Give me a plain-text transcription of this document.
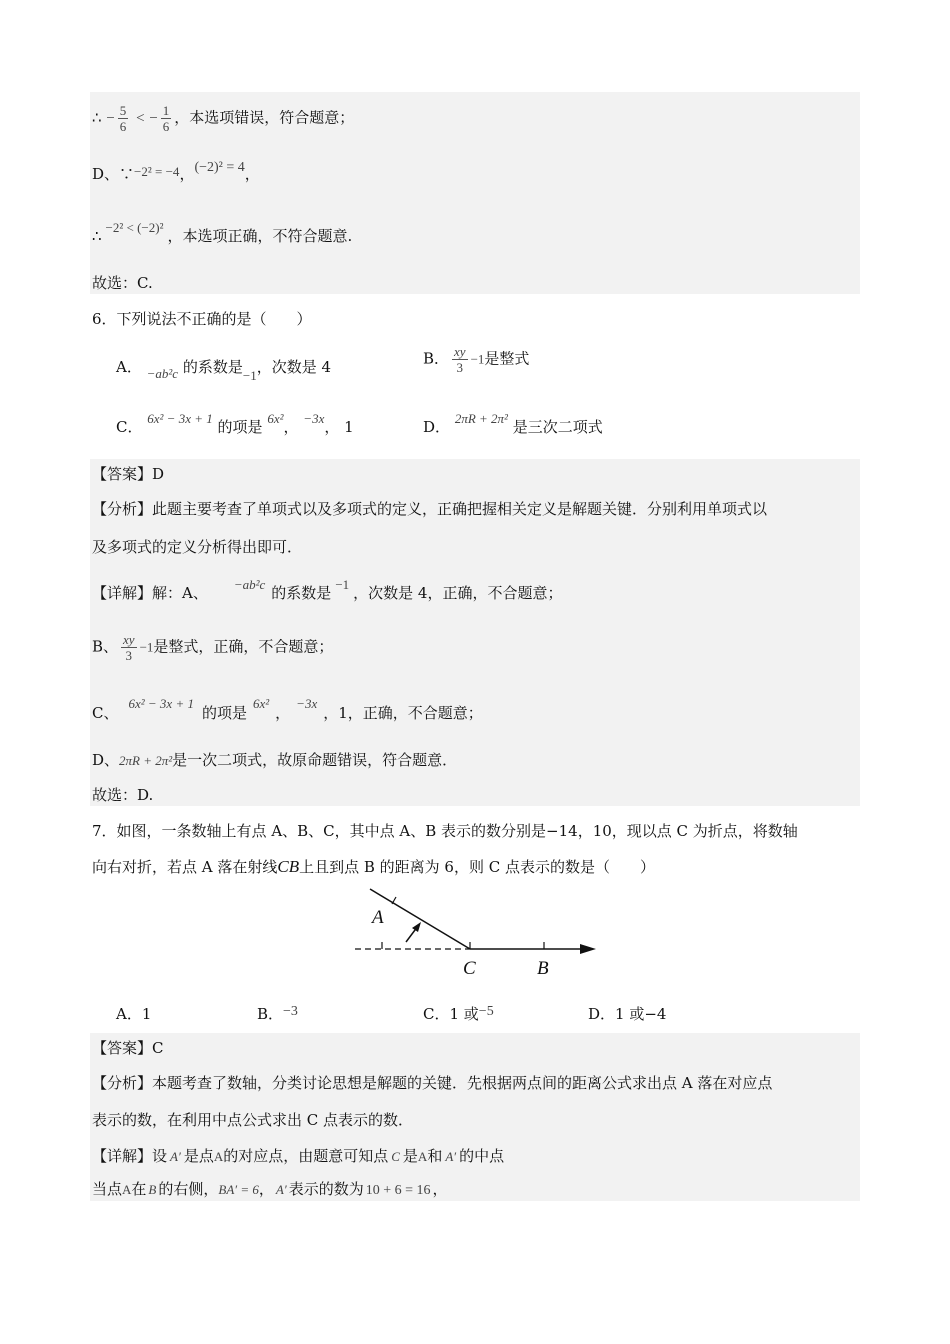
∴ − $\frac{5}{6}$ < − $\frac{1}{6}$ ，本选项错误，符合题意；
D、∵−2² = −4，(−2)² = 4，
∴ −2² < (−2)² ，本选项正确，不符合题意.
故选：C.
6．下列说法不正确的是（　　）
A． −ab²c 的系数是−1，次数是 4	B． $\frac{xy}{3} -1$是整式
C． 6x² − 3x + 1 的项是 6x²， −3x， 1	D． 2πR + 2π² 是三次二项式
【答案】D
【分析】此题主要考查了单项式以及多项式的定义，正确把握相关定义是解题关键．分别利用单项式以
及多项式的定义分析得出即可．
【详解】解：A、 −ab²c 的系数是 −1 ，次数是 4，正确，不合题意；
B、 $\frac{xy}{3} -1$是整式，正确，不合题意；
C、6x² − 3x + 1的项是6x²，−3x，1，正确，不合题意；
D、2πR + 2π²是一次二项式，故原命题错误，符合题意．
故选：D.
7．如图，一条数轴上有点 A、B、C，其中点 A、B 表示的数分别是−14，10，现以点 C 为折点，将数轴
向右对折，若点 A 落在射线CB上且到点 B 的距离为 6，则 C 点表示的数是（　　）
A
C	B
A．1	B．−3	C．1 或−5	D．1 或−4
【答案】C
【分析】本题考查了数轴，分类讨论思想是解题的关键．先根据两点间的距离公式求出点 A 落在对应点
表示的数，在利用中点公式求出 C 点表示的数．
【详解】设 A′ 是点A的对应点，由题意可知点 C 是A和 A′ 的中点
当点A在 B 的右侧，BA′ = 6， A′ 表示的数为 10 + 6 = 16 ，
